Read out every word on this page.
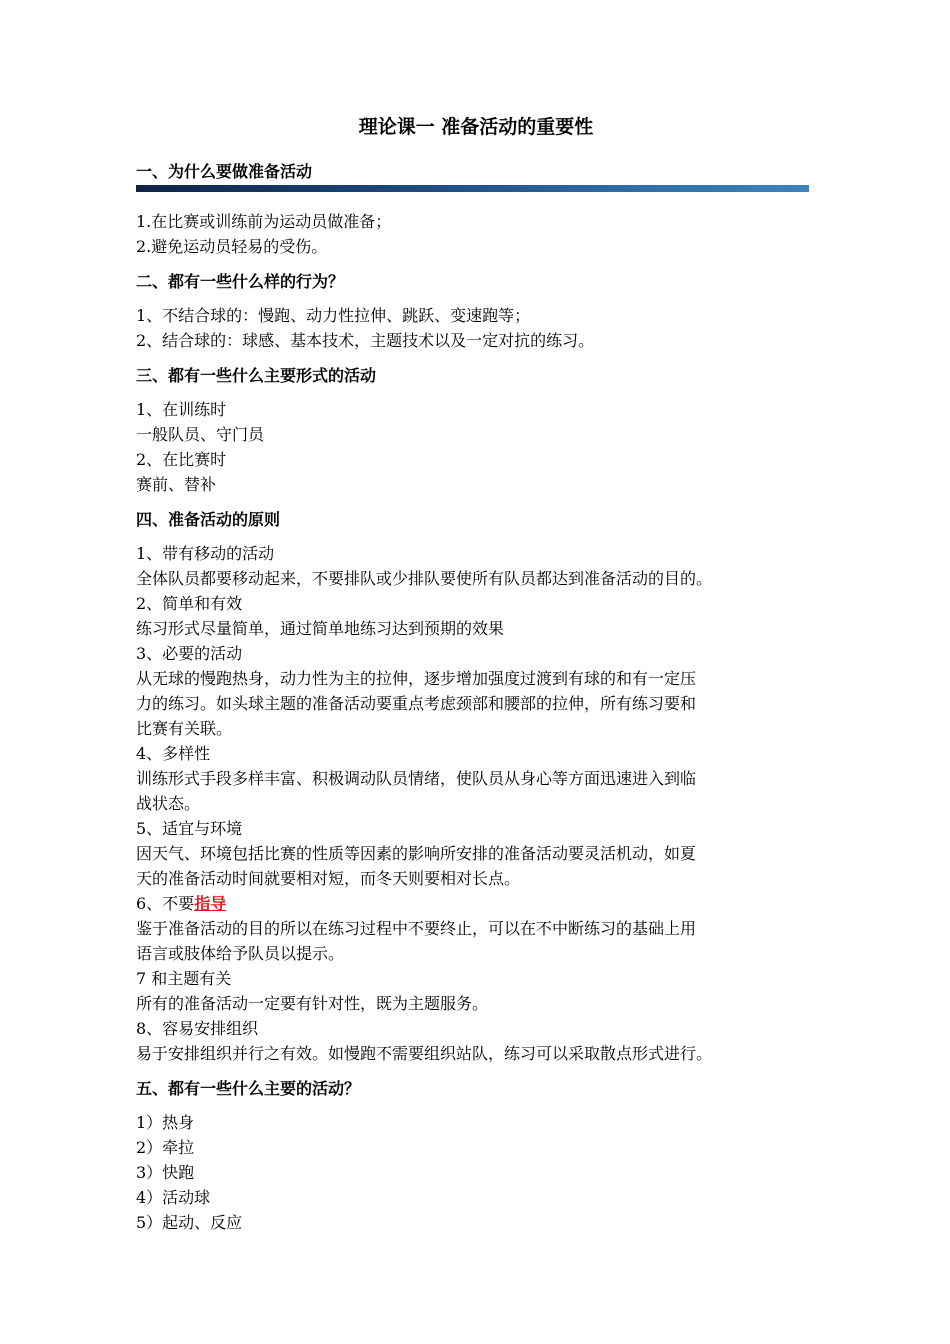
理论课一 准备活动的重要性
一、为什么要做准备活动
1.在比赛或训练前为运动员做准备；
2.避免运动员轻易的受伤。
二、都有一些什么样的行为？
1、不结合球的：慢跑、动力性拉伸、跳跃、变速跑等；
2、结合球的：球感、基本技术，主题技术以及一定对抗的练习。
三、都有一些什么主要形式的活动
1、在训练时
一般队员、守门员
2、在比赛时
赛前、替补
四、准备活动的原则
1、带有移动的活动
全体队员都要移动起来，不要排队或少排队要使所有队员都达到准备活动的目的。
2、简单和有效
练习形式尽量简单，通过简单地练习达到预期的效果
3、必要的活动
从无球的慢跑热身，动力性为主的拉伸，逐步增加强度过渡到有球的和有一定压
力的练习。如头球主题的准备活动要重点考虑颈部和腰部的拉伸，所有练习要和
比赛有关联。
4、多样性
训练形式手段多样丰富、积极调动队员情绪，使队员从身心等方面迅速进入到临
战状态。
5、适宜与环境
因天气、环境包括比赛的性质等因素的影响所安排的准备活动要灵活机动，如夏
天的准备活动时间就要相对短，而冬天则要相对长点。
6、不要指导
鉴于准备活动的目的所以在练习过程中不要终止，可以在不中断练习的基础上用
语言或肢体给予队员以提示。
7 和主题有关
所有的准备活动一定要有针对性，既为主题服务。
8、容易安排组织
易于安排组织并行之有效。如慢跑不需要组织站队，练习可以采取散点形式进行。
五、都有一些什么主要的活动？
1）热身
2）牵拉
3）快跑
4）活动球
5）起动、反应
